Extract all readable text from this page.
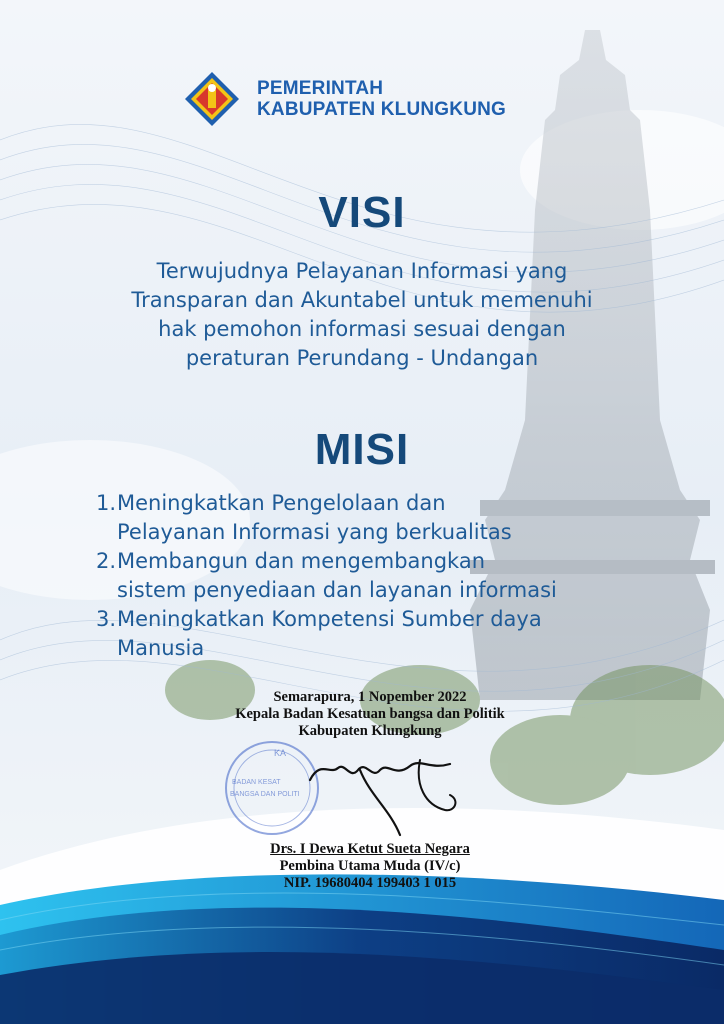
PEMERINTAH
KABUPATEN KLUNGKUNG
VISI
Terwujudnya Pelayanan Informasi yang
Transparan dan Akuntabel untuk memenuhi
hak pemohon informasi sesuai dengan
peraturan Perundang - Undangan
MISI
1. Meningkatkan Pengelolaan dan
Pelayanan Informasi yang berkualitas
2. Membangun dan mengembangkan
sistem penyediaan dan layanan informasi
3. Meningkatkan Kompetensi Sumber daya
Manusia
Semarapura, 1 Nopember 2022
Kepala Badan Kesatuan bangsa dan Politik
Kabupaten Klungkung
KA
BADAN KESAT
BANGSA DAN POLITI
Drs. I Dewa Ketut Sueta Negara
Pembina Utama Muda (IV/c)
NIP. 19680404 199403 1 015
